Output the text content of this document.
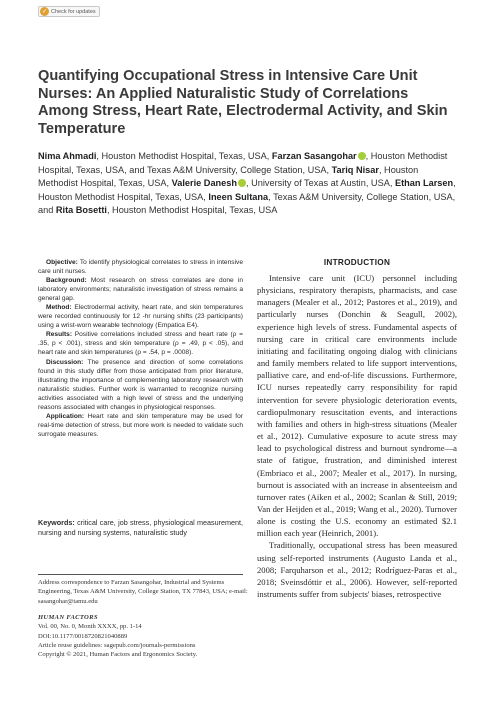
✓ Check for updates
Quantifying Occupational Stress in Intensive Care Unit Nurses: An Applied Naturalistic Study of Correlations Among Stress, Heart Rate, Electrodermal Activity, and Skin Temperature
Nima Ahmadi, Houston Methodist Hospital, Texas, USA, Farzan Sasangohar , Houston Methodist Hospital, Texas, USA, and Texas A&M University, College Station, USA, Tariq Nisar, Houston Methodist Hospital, Texas, USA, Valerie Danesh , University of Texas at Austin, USA, Ethan Larsen, Houston Methodist Hospital, Texas, USA, Ineen Sultana, Texas A&M University, College Station, USA, and Rita Bosetti, Houston Methodist Hospital, Texas, USA

Objective: To identify physiological correlates to stress in intensive care unit nurses.

Background: Most research on stress correlates are done in laboratory environments; naturalistic investigation of stress remains a general gap.

Method: Electrodermal activity, heart rate, and skin temperatures were recorded continuously for 12 -hr nursing shifts (23 participants) using a wrist-worn wearable technology (Empatica E4).

Results: Positive correlations included stress and heart rate (ρ = .35, p < .001), stress and skin temperature (ρ = .49, p < .05), and heart rate and skin temperatures (ρ = .54, p = .0008).

Discussion: The presence and direction of some correlations found in this study differ from those anticipated from prior literature, illustrating the importance of complementing laboratory research with naturalistic studies. Further work is warranted to recognize nursing activities associated with a high level of stress and the underlying reasons associated with changes in physiological responses.

Application: Heart rate and skin temperature may be used for real-time detection of stress, but more work is needed to validate such surrogate measures.

Keywords: critical care, job stress, physiological measurement, nursing and nursing systems, naturalistic study
Address correspondence to Farzan Sasangohar, Industrial and Systems Engineering, Texas A&M University, College Station, TX 77843, USA; e-mail: sasangohar@tamu.edu
HUMAN FACTORS
Vol. 00, No. 0, Month XXXX, pp. 1-14
DOI:10.1177/0018720821040889
Article reuse guidelines: sagepub.com/journals-permissions
Copyright © 2021, Human Factors and Ergonomics Society.
INTRODUCTION

Intensive care unit (ICU) personnel including physicians, respiratory therapists, pharmacists, and case managers (Mealer et al., 2012; Pastores et al., 2019), and particularly nurses (Donchin & Seagull, 2002), experience high levels of stress. Fundamental aspects of nursing care in critical care environments include initiating and facilitating ongoing dialog with clinicians and family members related to life support interventions, palliative care, and end-of-life discussions. Furthermore, ICU nurses repeatedly carry responsibility for rapid intervention for severe physiologic deterioration events, cardiopulmonary resuscitation events, and interactions with families and others in high-stress situations (Mealer et al., 2012). Cumulative exposure to acute stress may lead to psychological distress and burnout syndrome—a state of fatigue, frustration, and diminished interest (Embriaco et al., 2007; Mealer et al., 2017). In nursing, burnout is associated with an increase in absenteeism and turnover rates (Aiken et al., 2002; Scanlan & Still, 2019; Van der Heijden et al., 2019; Wang et al., 2020). Turnover alone is costing the U.S. economy an estimated $2.1 million each year (Heinrich, 2001).

Traditionally, occupational stress has been measured using self-reported instruments (Augusto Landa et al., 2008; Farquharson et al., 2012; Rodríguez-Paras et al., 2018; Sveinsdóttir et al., 2006). However, self-reported instruments suffer from subjects' biases, retrospective
